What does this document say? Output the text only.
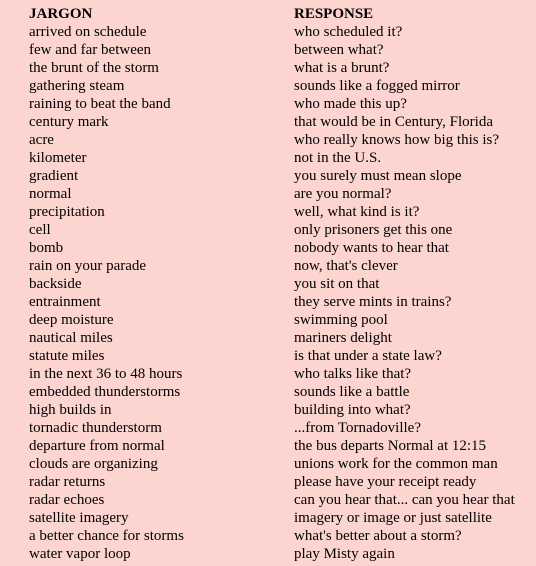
JARGON	RESPONSE
arrived on schedule	who scheduled it?
few and far between	between what?
the brunt of the storm	what is a brunt?
gathering steam	sounds like a fogged mirror
raining to beat the band	who made this up?
century mark	that would be in Century, Florida
acre	who really knows how big this is?
kilometer	not in the U.S.
gradient	you surely must mean slope
normal	are you normal?
precipitation	well, what kind is it?
cell	only prisoners get this one
bomb	nobody wants to hear that
rain on your parade	now, that's clever
backside	you sit on that
entrainment	they serve mints in trains?
deep moisture	swimming pool
nautical miles	mariners delight
statute miles	is that under a state law?
in the next 36 to 48 hours	who talks like that?
embedded thunderstorms	sounds like a battle
high builds in	building into what?
tornadic thunderstorm	...from Tornadoville?
departure from normal	the bus departs Normal at 12:15
clouds are organizing	unions work for the common man
radar returns	please have your receipt ready
radar echoes	can you hear that... can you hear that
satellite imagery	imagery or image or just satellite
a better chance for storms	what's better about a storm?
water vapor loop	play Misty again
